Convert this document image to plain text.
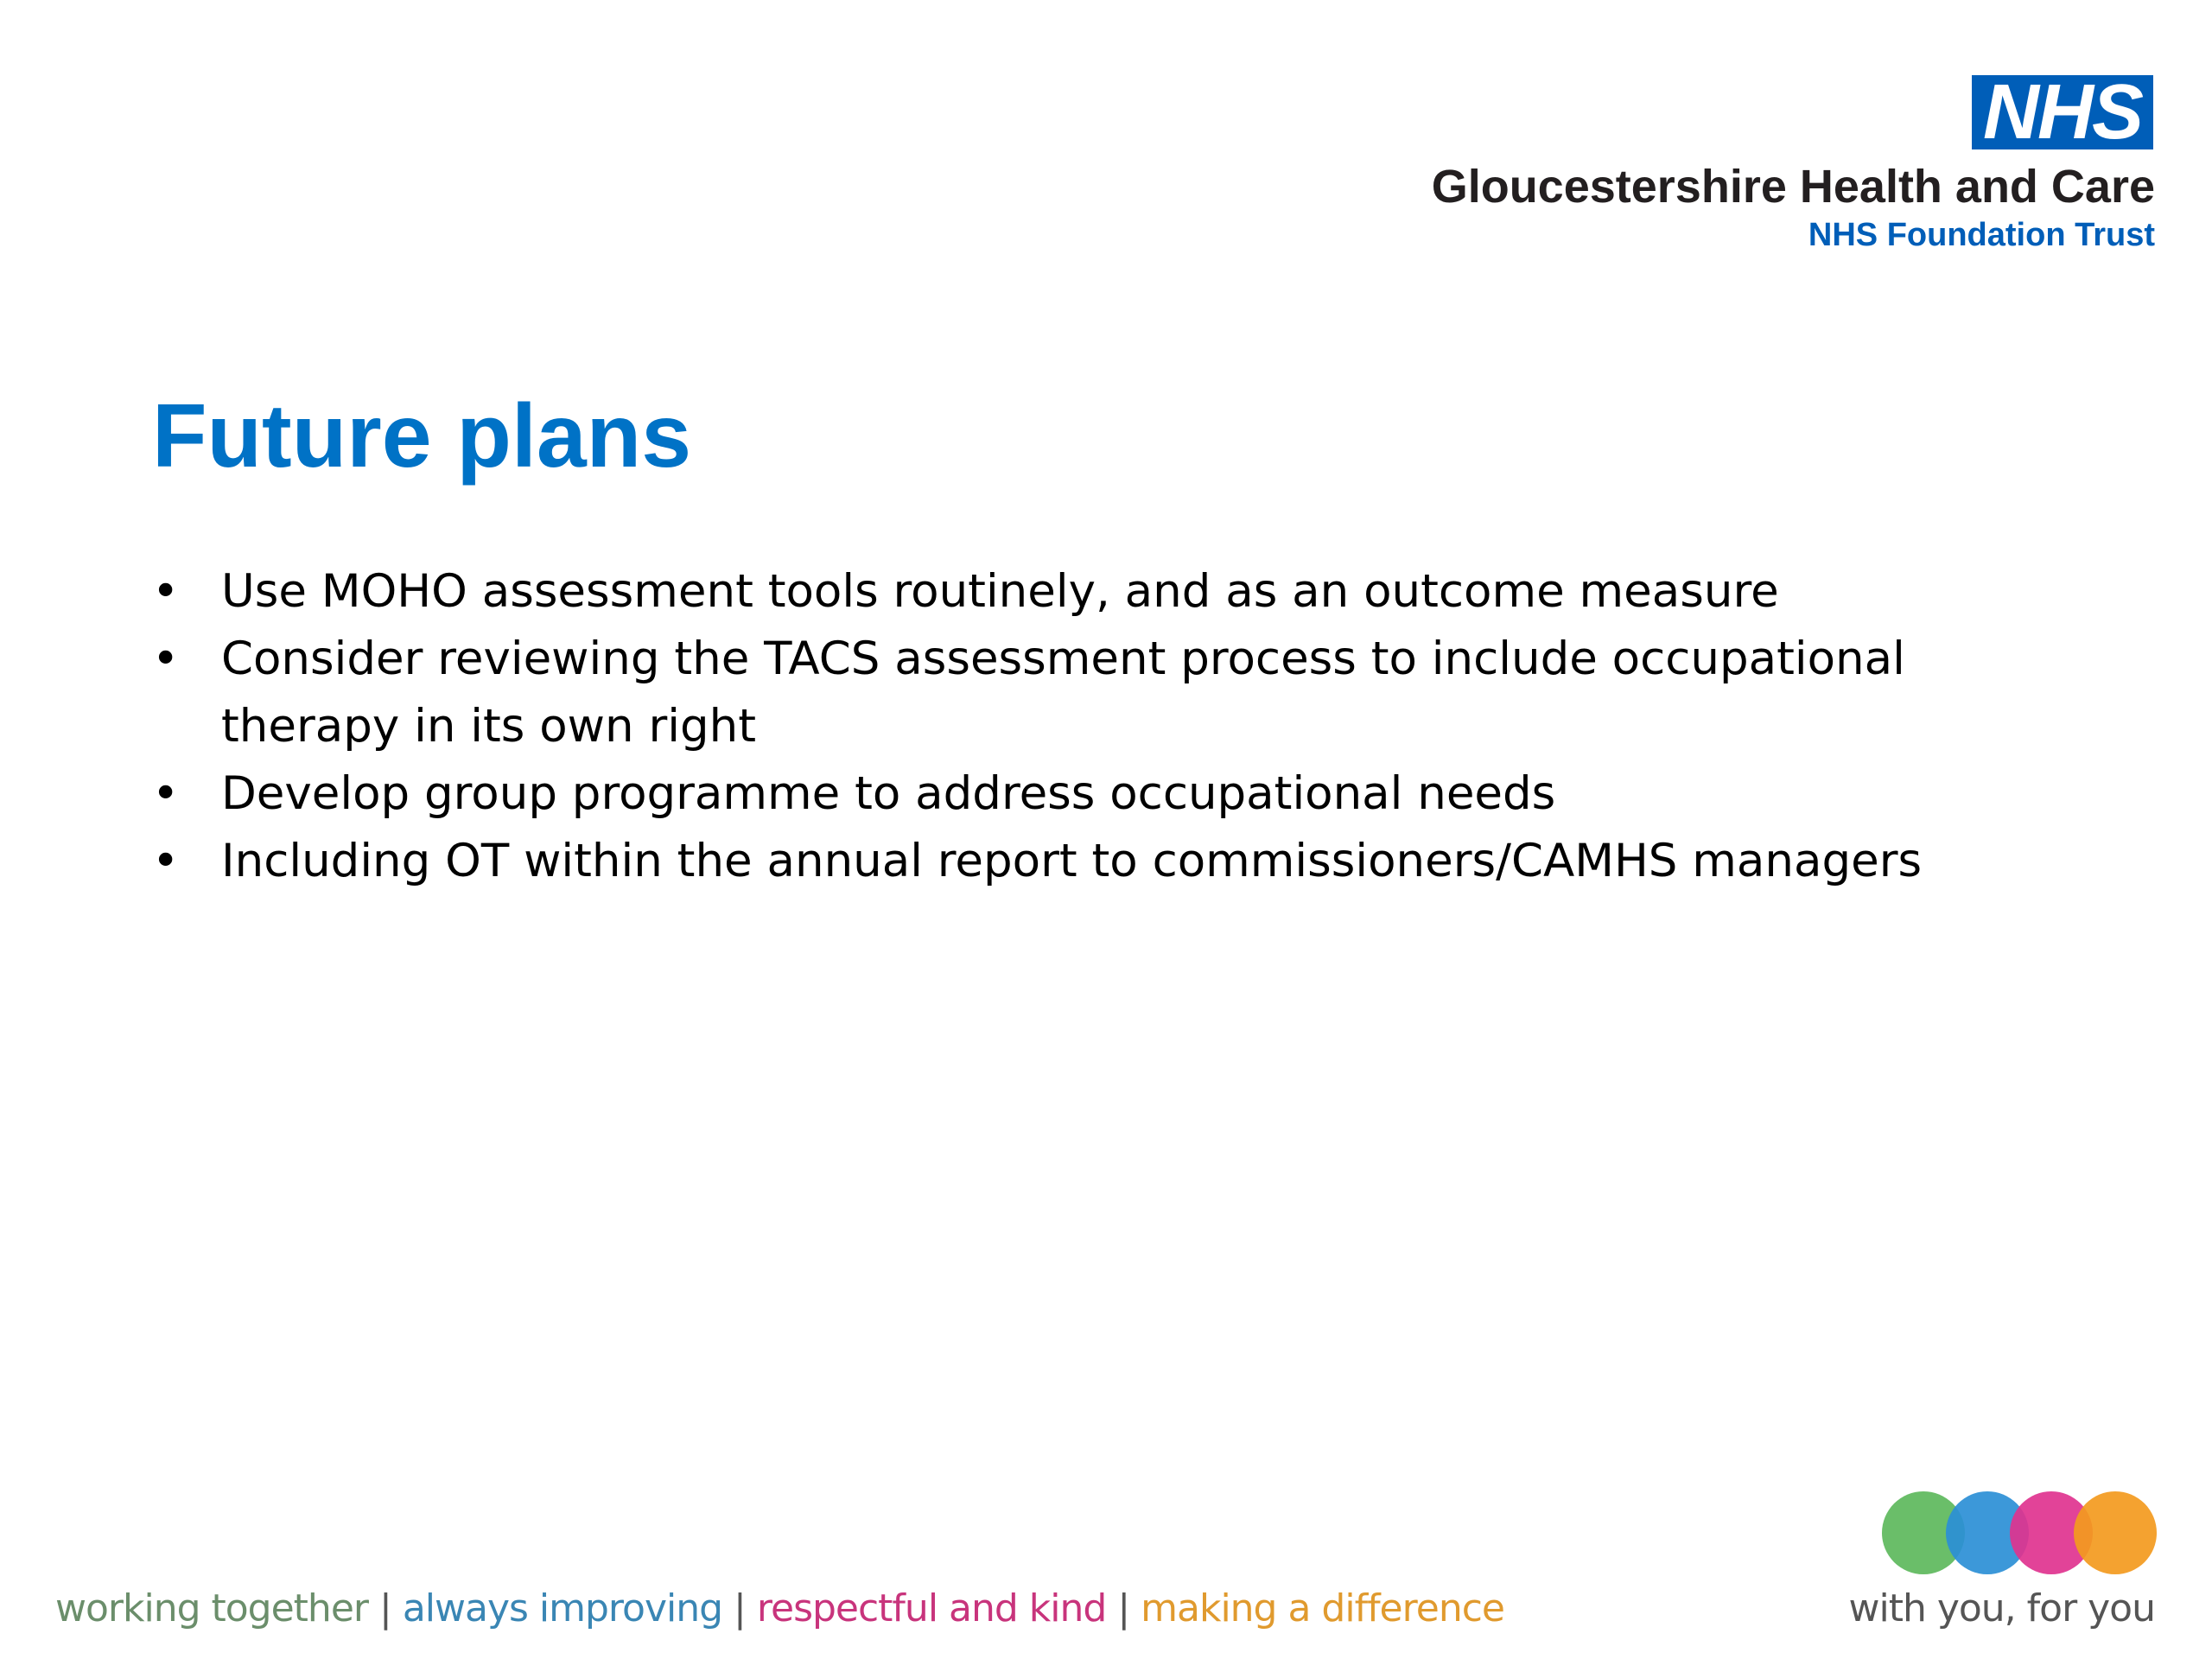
NHS
Gloucestershire Health and Care
NHS Foundation Trust
Future plans
• Use MOHO assessment tools routinely, and as an outcome measure
• Consider reviewing the TACS assessment process to include occupational therapy in its own right
• Develop group programme to address occupational needs
• Including OT within the annual report to commissioners/CAMHS managers
working together | always improving | respectful and kind | making a difference	with you, for you
